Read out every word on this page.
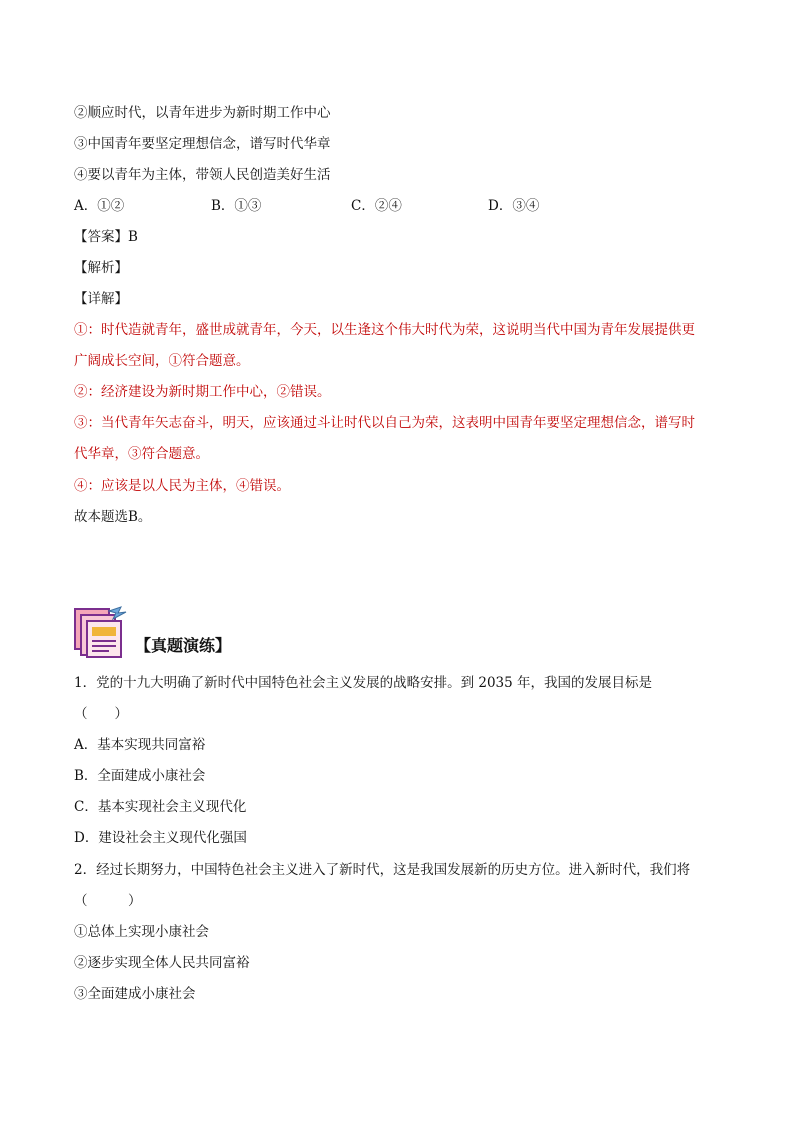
②顺应时代，以青年进步为新时期工作中心
③中国青年要坚定理想信念，谱写时代华章
④要以青年为主体，带领人民创造美好生活
A．①②	B．①③	C．②④	D．③④
【答案】B
【解析】
【详解】
①：时代造就青年，盛世成就青年，今天，以生逢这个伟大时代为荣，这说明当代中国为青年发展提供更
广阔成长空间，①符合题意。
②：经济建设为新时期工作中心，②错误。
③：当代青年矢志奋斗，明天，应该通过斗让时代以自己为荣，这表明中国青年要坚定理想信念，谱写时
代华章，③符合题意。
④：应该是以人民为主体，④错误。
故本题选B。
【真题演练】
1．党的十九大明确了新时代中国特色社会主义发展的战略安排。到 2035 年，我国的发展目标是
（　　）
A．基本实现共同富裕
B．全面建成小康社会
C．基本实现社会主义现代化
D．建设社会主义现代化强国
2．经过长期努力，中国特色社会主义进入了新时代，这是我国发展新的历史方位。进入新时代，我们将
（　　　）
①总体上实现小康社会
②逐步实现全体人民共同富裕
③全面建成小康社会
